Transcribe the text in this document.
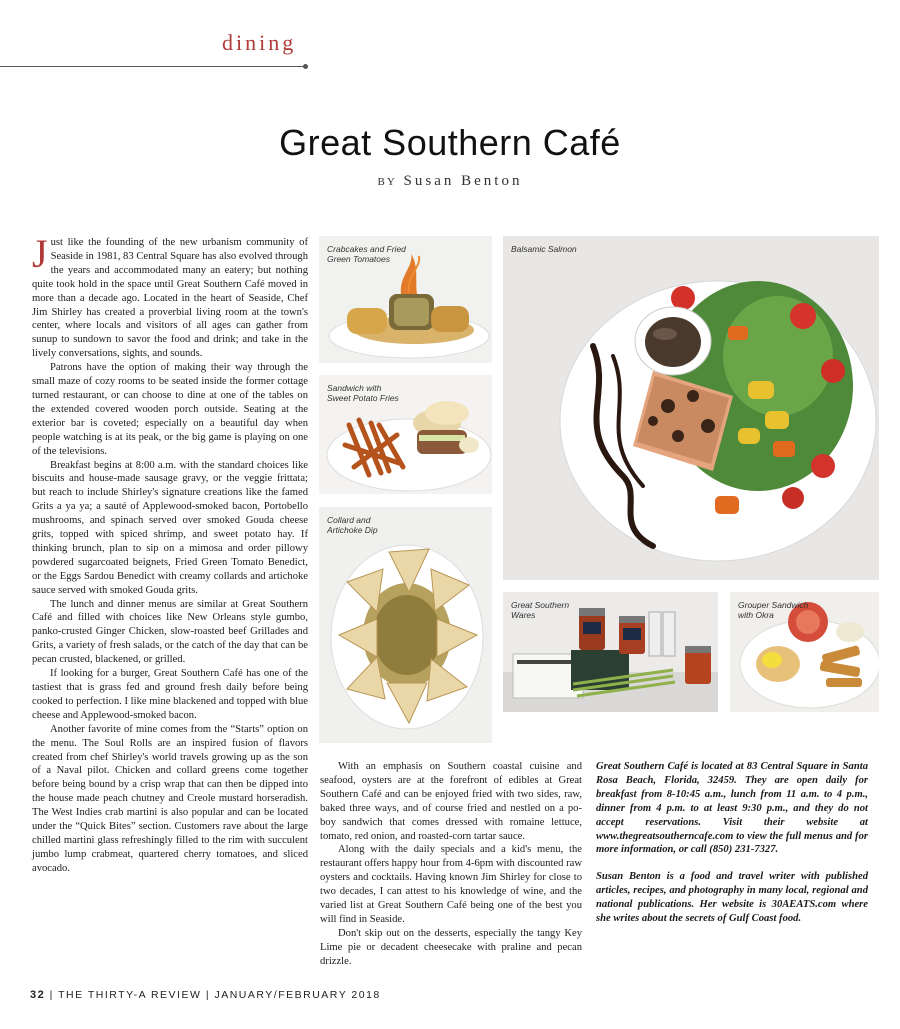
dining
Great Southern Café
BY Susan Benton

Just like the founding of the new urbanism community of Seaside in 1981, 83 Central Square has also evolved through the years and accommodated many an eatery; but nothing quite took hold in the space until Great Southern Café moved in more than a decade ago. Located in the heart of Seaside, Chef Jim Shirley has created a proverbial living room at the town's center, where locals and visitors of all ages can gather from sunup to sundown to savor the food and drink; and take in the lively conversations, sights, and sounds.

Patrons have the option of making their way through the small maze of cozy rooms to be seated inside the former cottage turned restaurant, or can choose to dine at one of the tables on the extended covered wooden porch outside. Seating at the exterior bar is coveted; especially on a beautiful day when people watching is at its peak, or the big game is playing on one of the televisions.

Breakfast begins at 8:00 a.m. with the standard choices like biscuits and house-made sausage gravy, or the veggie frittata; but reach to include Shirley's signature creations like the famed Grits a ya ya; a sauté of Applewood-smoked bacon, Portobello mushrooms, and spinach served over smoked Gouda cheese grits, topped with spiced shrimp, and sweet potato hay. If thinking brunch, plan to sip on a mimosa and order pillowy powdered sugarcoated beignets, Fried Green Tomato Benedict, or the Eggs Sardou Benedict with creamy collards and artichoke sauce served with smoked Gouda grits.

The lunch and dinner menus are similar at Great Southern Café and filled with choices like New Orleans style gumbo, panko-crusted Ginger Chicken, slow-roasted beef Grillades and Grits, a variety of fresh salads, or the catch of the day that can be pecan crusted, blackened, or grilled.

If looking for a burger, Great Southern Café has one of the tastiest that is grass fed and ground fresh daily before being cooked to perfection. I like mine blackened and topped with blue cheese and Applewood-smoked bacon.

Another favorite of mine comes from the “Starts” option on the menu. The Soul Rolls are an inspired fusion of flavors created from chef Shirley's world travels growing up as the son of a Naval pilot. Chicken and collard greens come together before being bound by a crisp wrap that can then be dipped into the house made peach chutney and Creole mustard horseradish. The West Indies crab martini is also popular and can be located under the “Quick Bites” section. Customers rave about the large chilled martini glass refreshingly filled to the rim with succulent jumbo lump crabmeat, quartered cherry tomatoes, and sliced avocado.

With an emphasis on Southern coastal cuisine and seafood, oysters are at the forefront of edibles at Great Southern Café and can be enjoyed fried with two sides, raw, baked three ways, and of course fried and nestled on a po-boy sandwich that comes dressed with romaine lettuce, tomato, red onion, and roasted-corn tartar sauce.

Along with the daily specials and a kid's menu, the restaurant offers happy hour from 4-6pm with discounted raw oysters and cocktails. Having known Jim Shirley for close to two decades, I can attest to his knowledge of wine, and the varied list at Great Southern Café being one of the best you will find in Seaside.

Don't skip out on the desserts, especially the tangy Key Lime pie or decadent cheesecake with praline and pecan drizzle.

Great Southern Café is located at 83 Central Square in Santa Rosa Beach, Florida, 32459. They are open daily for breakfast from 8-10:45 a.m., lunch from 11 a.m. to 4 p.m., dinner from 4 p.m. to at least 9:30 p.m., and they do not accept reservations. Visit their website at www.thegreatsoutherncafe.com to view the full menus and for more information, or call (850) 231-7327.

Susan Benton is a food and travel writer with published articles, recipes, and photography in many local, regional and national publications. Her website is 30AEATS.com where she writes about the secrets of Gulf Coast food.

Crabcakes and Fried Green Tomatoes
Sandwich with Sweet Potato Fries
Collard and Artichoke Dip
Balsamic Salmon
Great Southern Wares
Grouper Sandwich with Okra
32 | THE THIRTY-A REVIEW | JANUARY/FEBRUARY 2018
